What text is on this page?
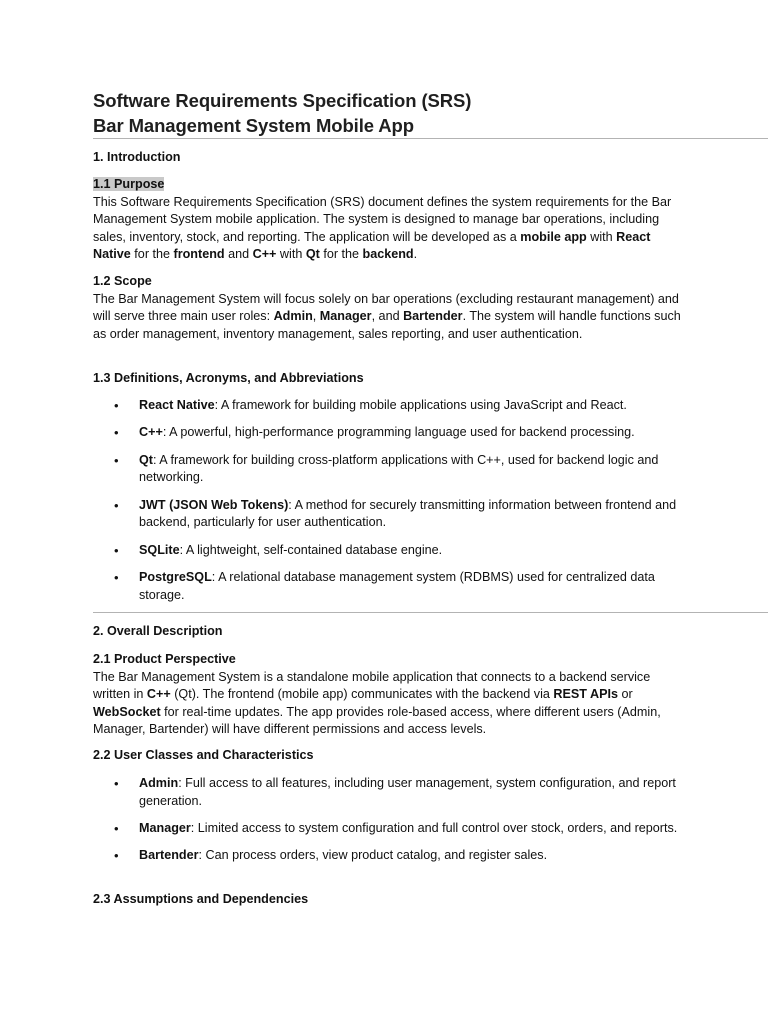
Software Requirements Specification (SRS)
Bar Management System Mobile App
1. Introduction
1.1 Purpose

This Software Requirements Specification (SRS) document defines the system requirements for the Bar Management System mobile application. The system is designed to manage bar operations, including sales, inventory, stock, and reporting. The application will be developed as a mobile app with React Native for the frontend and C++ with Qt for the backend.

1.2 Scope

The Bar Management System will focus solely on bar operations (excluding restaurant management) and will serve three main user roles: Admin, Manager, and Bartender. The system will handle functions such as order management, inventory management, sales reporting, and user authentication.

1.3 Definitions, Acronyms, and Abbreviations
• React Native: A framework for building mobile applications using JavaScript and React.
• C++: A powerful, high-performance programming language used for backend processing.
• Qt: A framework for building cross-platform applications with C++, used for backend logic and networking.
• JWT (JSON Web Tokens): A method for securely transmitting information between frontend and backend, particularly for user authentication.
• SQLite: A lightweight, self-contained database engine.
• PostgreSQL: A relational database management system (RDBMS) used for centralized data storage.
2. Overall Description
2.1 Product Perspective

The Bar Management System is a standalone mobile application that connects to a backend service written in C++ (Qt). The frontend (mobile app) communicates with the backend via REST APIs or WebSocket for real-time updates. The app provides role-based access, where different users (Admin, Manager, Bartender) will have different permissions and access levels.

2.2 User Classes and Characteristics
• Admin: Full access to all features, including user management, system configuration, and report generation.
• Manager: Limited access to system configuration and full control over stock, orders, and reports.
• Bartender: Can process orders, view product catalog, and register sales.
2.3 Assumptions and Dependencies
